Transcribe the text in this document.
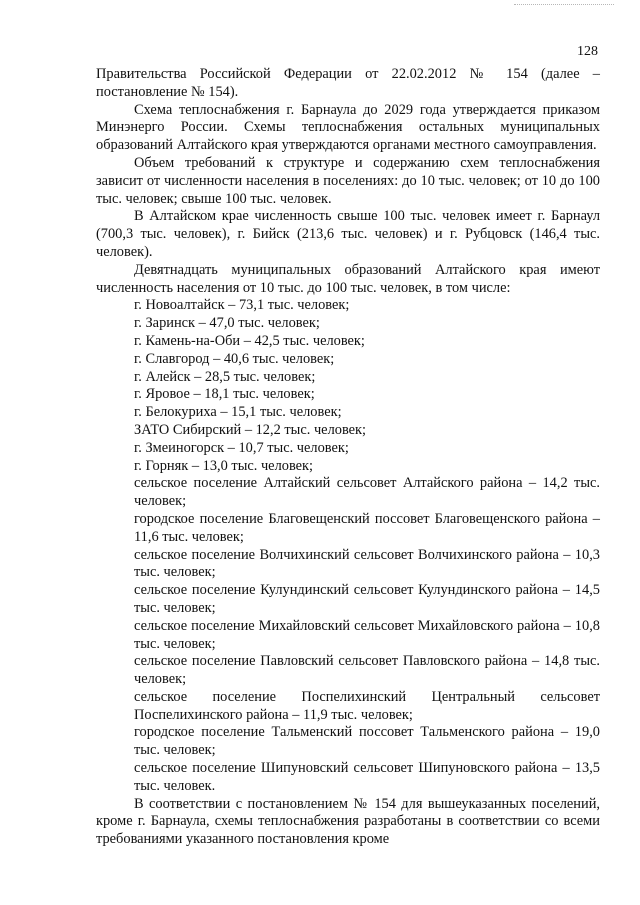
128

Правительства Российской Федерации от 22.02.2012 № 154 (далее – постановление № 154).

Схема теплоснабжения г. Барнаула до 2029 года утверждается приказом Минэнерго России. Схемы теплоснабжения остальных муниципальных образований Алтайского края утверждаются органами местного самоуправления.

Объем требований к структуре и содержанию схем теплоснабжения зависит от численности населения в поселениях: до 10 тыс. человек; от 10 до 100 тыс. человек; свыше 100 тыс. человек.

В Алтайском крае численность свыше 100 тыс. человек имеет г. Барнаул (700,3 тыс. человек), г. Бийск (213,6 тыс. человек) и г. Рубцовск (146,4 тыс. человек).

Девятнадцать муниципальных образований Алтайского края имеют численность населения от 10 тыс. до 100 тыс. человек, в том числе:

г. Новоалтайск – 73,1 тыс. человек;

г. Заринск – 47,0 тыс. человек;

г. Камень-на-Оби – 42,5 тыс. человек;

г. Славгород – 40,6 тыс. человек;

г. Алейск – 28,5 тыс. человек;

г. Яровое – 18,1 тыс. человек;

г. Белокуриха – 15,1 тыс. человек;

ЗАТО Сибирский – 12,2 тыс. человек;

г. Змеиногорск – 10,7 тыс. человек;

г. Горняк – 13,0 тыс. человек;

сельское поселение Алтайский сельсовет Алтайского района – 14,2 тыс. человек;

городское поселение Благовещенский поссовет Благовещенского района – 11,6 тыс. человек;

сельское поселение Волчихинский сельсовет Волчихинского района – 10,3 тыс. человек;

сельское поселение Кулундинский сельсовет Кулундинского района – 14,5 тыс. человек;

сельское поселение Михайловский сельсовет Михайловского района – 10,8 тыс. человек;

сельское поселение Павловский сельсовет Павловского района – 14,8 тыс. человек;

сельское поселение Поспелихинский Центральный сельсовет Поспелихинского района – 11,9 тыс. человек;

городское поселение Тальменский поссовет Тальменского района – 19,0 тыс. человек;

сельское поселение Шипуновский сельсовет Шипуновского района – 13,5 тыс. человек.

В соответствии с постановлением № 154 для вышеуказанных поселений, кроме г. Барнаула, схемы теплоснабжения разработаны в соответствии со всеми требованиями указанного постановления кроме
